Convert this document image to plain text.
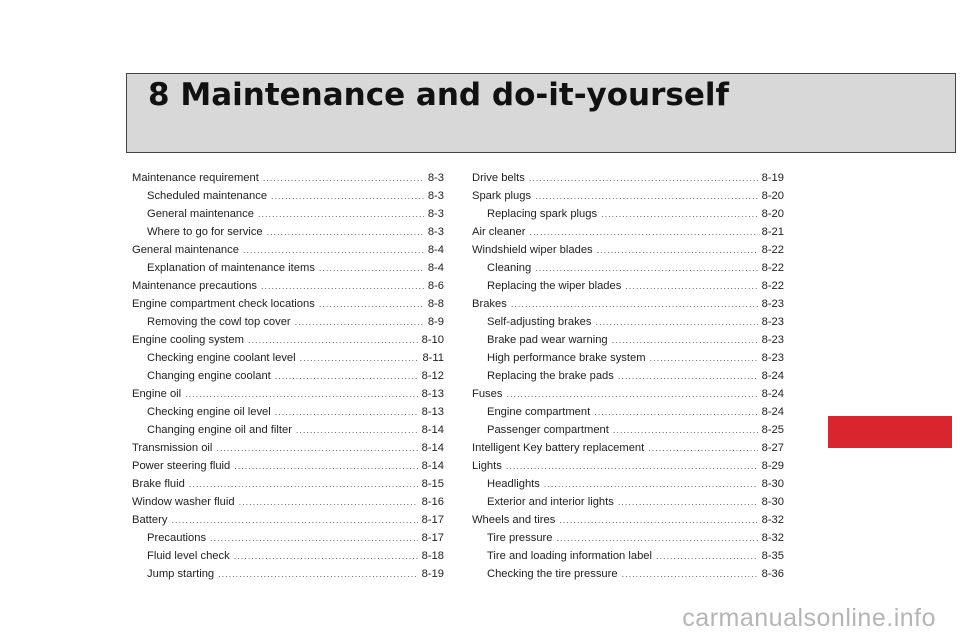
8 Maintenance and do-it-yourself
Maintenance requirement .....	8-3
Scheduled maintenance .....	8-3
General maintenance .....	8-3
Where to go for service .....	8-3
General maintenance .....	8-4
Explanation of maintenance items .....	8-4
Maintenance precautions .....	8-6
Engine compartment check locations .....	8-8
Removing the cowl top cover .....	8-9
Engine cooling system .....	8-10
Checking engine coolant level .....	8-11
Changing engine coolant .....	8-12
Engine oil .....	8-13
Checking engine oil level .....	8-13
Changing engine oil and filter .....	8-14
Transmission oil .....	8-14
Power steering fluid .....	8-14
Brake fluid .....	8-15
Window washer fluid .....	8-16
Battery .....	8-17
Precautions .....	8-17
Fluid level check .....	8-18
Jump starting .....	8-19
Drive belts .....	8-19
Spark plugs .....	8-20
Replacing spark plugs .....	8-20
Air cleaner .....	8-21
Windshield wiper blades .....	8-22
Cleaning .....	8-22
Replacing the wiper blades .....	8-22
Brakes .....	8-23
Self-adjusting brakes .....	8-23
Brake pad wear warning .....	8-23
High performance brake system .....	8-23
Replacing the brake pads .....	8-24
Fuses .....	8-24
Engine compartment .....	8-24
Passenger compartment .....	8-25
Intelligent Key battery replacement .....	8-27
Lights .....	8-29
Headlights .....	8-30
Exterior and interior lights .....	8-30
Wheels and tires .....	8-32
Tire pressure .....	8-32
Tire and loading information label .....	8-35
Checking the tire pressure .....	8-36
carmanualsonline.info
